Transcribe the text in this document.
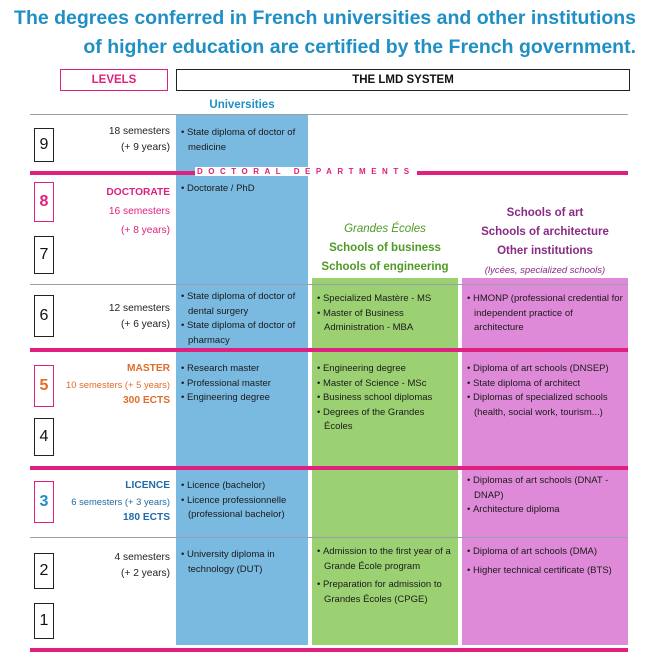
The degrees conferred in French universities and other institutions
of higher education are certified by the French government.
LEVELS	THE LMD SYSTEM
Universities
DOCTORAL DEPARTMENTS
Grandes Écoles
Schools of business
Schools of engineering
Schools of art
Schools of architecture
Other institutions
(lycées, specialized schools)
9
8
7
6
5
4
3
2
1
18 semesters
(+ 9 years)
DOCTORATE
16 semesters
(+ 8 years)
12 semesters
(+ 6 years)
MASTER
10 semesters (+ 5 years)
300 ECTS
LICENCE
6 semesters (+ 3 years)
180 ECTS
4 semesters
(+ 2 years)
• State diploma of doctor of medicine
• Doctorate / PhD
• State diploma of doctor of dental surgery
• State diploma of doctor of pharmacy
• Research master
• Professional master
• Engineering degree
• Licence (bachelor)
• Licence professionnelle (professional bachelor)
• University diploma in technology (DUT)
• Specialized Mastère - MS
• Master of Business Administration - MBA
• Engineering degree
• Master of Science - MSc
• Business school diplomas
• Degrees of the Grandes Écoles
• Admission to the first year of a Grande École program
• Preparation for admission to Grandes Écoles (CPGE)
• HMONP (professional credential for independent practice of architecture
• Diploma of art schools (DNSEP)
• State diploma of architect
• Diplomas of specialized schools (health, social work, tourism...)
• Diplomas of art schools (DNAT - DNAP)
• Architecture diploma
• Diploma of art schools (DMA)
• Higher technical certificate (BTS)
